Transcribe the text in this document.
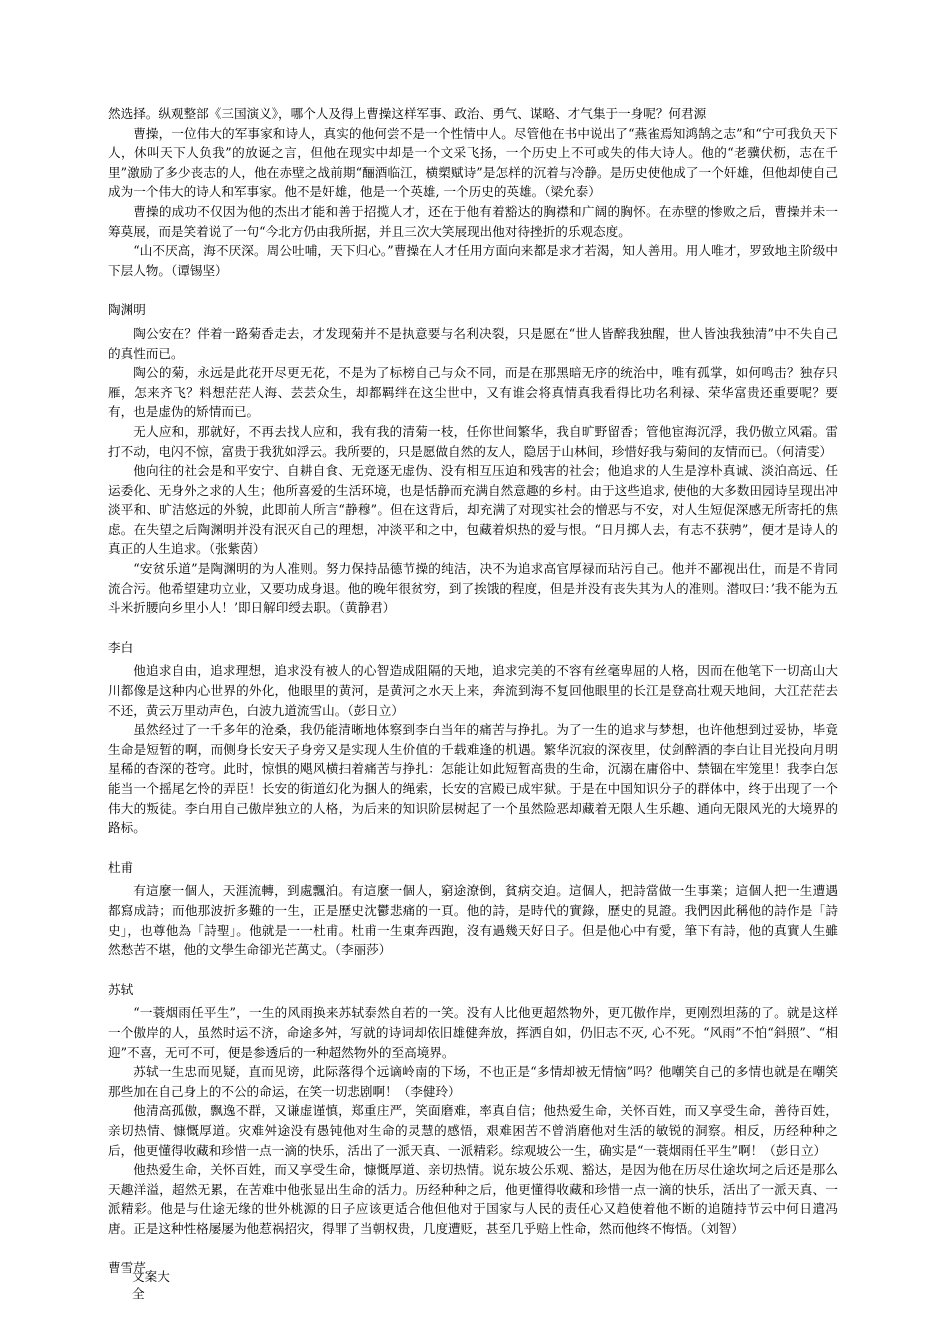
然选择。纵观整部《三国演义》，哪个人及得上曹操这样军事、政治、勇气、谋略、才气集于一身呢？何君源

曹操，一位伟大的军事家和诗人，真实的他何尝不是一个性情中人。尽管他在书中说出了“燕雀焉知鸿鹄之志”和“宁可我负天下人，休叫天下人负我”的放诞之言，但他在现实中却是一个文采飞扬，一个历史上不可或失的伟大诗人。他的“老骥伏枥，志在千里”激励了多少丧志的人，他在赤壁之战前期“酾酒临江，横槊赋诗”是怎样的沉着与冷静。是历史使他成了一个奸雄，但他却使自己成为一个伟大的诗人和军事家。他不是奸雄，他是一个英雄, 一个历史的英雄。（梁允泰）

曹操的成功不仅因为他的杰出才能和善于招揽人才，还在于他有着豁达的胸襟和广阔的胸怀。在赤壁的惨败之后，曹操并未一筹莫展，而是笑着说了一句“今北方仍由我所据，并且三次大笑展现出他对待挫折的乐观态度。

“山不厌高，海不厌深。周公吐哺，天下归心。”曹操在人才任用方面向来都是求才若渴，知人善用。用人唯才，罗致地主阶级中下层人物。（谭锡坚）

陶渊明

陶公安在？伴着一路菊香走去，才发现菊并不是执意要与名利决裂，只是愿在“世人皆醉我独醒，世人皆浊我独清”中不失自己的真性而已。

陶公的菊，永远是此花开尽更无花，不是为了标榜自己与众不同，而是在那黑暗无序的统治中，唯有孤掌，如何鸣击？独存只雁，怎来齐飞？料想茫茫人海、芸芸众生，却都羁绊在这尘世中，又有谁会将真情真我看得比功名利禄、荣华富贵还重要呢？要有，也是虚伪的矫情而已。

无人应和，那就好，不再去找人应和，我有我的清菊一枝，任你世间繁华，我自旷野留香；管他宦海沉浮，我仍傲立风霜。雷打不动，电闪不惊，富贵于我犹如浮云。我所要的，只是愿做自然的友人，隐居于山林间，珍惜好我与菊间的友情而已。（何清雯）

他向往的社会是和平安宁、自耕自食、无竞逐无虚伪、没有相互压迫和残害的社会；他追求的人生是淳朴真诚、淡泊高远、任运委化、无身外之求的人生；他所喜爱的生活环境，也是恬静而充满自然意趣的乡村。由于这些追求, 使他的大多数田园诗呈现出冲淡平和、旷洁悠远的外貌，此即前人所言“静穆”。但在这背后，却充满了对现实社会的憎恶与不安，对人生短促深感无所寄托的焦虑。在失望之后陶渊明并没有泯灭自己的理想，冲淡平和之中，包藏着炽热的爱与恨。“日月掷人去，有志不获骋”，便才是诗人的真正的人生追求。（张紫茵）

“安贫乐道”是陶渊明的为人准则。努力保持品德节操的纯洁，决不为追求高官厚禄而玷污自己。他并不鄙视出仕，而是不肯同流合污。他希望建功立业，又要功成身退。他的晚年很贫穷，到了挨饿的程度，但是并没有丧失其为人的准则。潜叹曰：’我不能为五斗米折腰向乡里小人！’即日解印绶去职。（黄静君）

李白

他追求自由，追求理想，追求没有被人的心智造成阻隔的天地，追求完美的不容有丝毫卑屈的人格，因而在他笔下一切高山大川都像是这种内心世界的外化，他眼里的黄河，是黄河之水天上来，奔流到海不复回他眼里的长江是登高壮观天地间，大江茫茫去不还，黄云万里动声色，白波九道流雪山。（彭日立）

虽然经过了一千多年的沧桑，我仍能清晰地体察到李白当年的痛苦与挣扎。为了一生的追求与梦想，也许他想到过妥协，毕竟生命是短暂的啊，而侧身长安天子身旁又是实现人生价值的千载难逢的机遇。繁华沉寂的深夜里，仗剑醉酒的李白让目光投向月明星稀的杳深的苍穹。此时，惊惧的飓风横扫着痛苦与挣扎：怎能让如此短暂高贵的生命，沉溺在庸俗中、禁锢在牢笼里！我李白怎能当一个摇尾乞怜的弄臣！长安的街道幻化为捆人的绳索，长安的宫殿已成牢狱。于是在中国知识分子的群体中，终于出现了一个伟大的叛徒。李白用自己傲岸独立的人格，为后来的知识阶层树起了一个虽然险恶却藏着无限人生乐趣、通向无限风光的大境界的路标。

杜甫

有這麼一個人，天涯流轉，到處飄泊。有這麼一個人，窮途潦倒，貧病交迫。這個人，把詩當做一生事業；這個人把一生遭遇都寫成詩；而他那波折多難的一生，正是歷史沈鬱悲痛的一頁。他的詩，是時代的實錄，歷史的見證。我們因此稱他的詩作是「詩史」，也尊他為「詩聖」。他就是一一杜甫。杜甫一生東奔西跑，沒有過幾天好日子。但是他心中有愛，筆下有詩，他的真實人生雖然愁苦不堪，他的文學生命卻光芒萬丈。（李丽莎）

苏轼

“一蓑烟雨任平生”，一生的风雨换来苏轼泰然自若的一笑。没有人比他更超然物外，更兀傲作岸，更刚烈坦荡的了。就是这样一个傲岸的人，虽然时运不济，命途多舛，写就的诗词却依旧雄健奔放，挥洒自如，仍旧志不灭, 心不死。“风雨”不怕“斜照”、“相迎”不喜，无可不可，便是参透后的一种超然物外的至高境界。

苏轼一生忠而见疑，直而见谤，此际落得个远谪岭南的下场，不也正是“多情却被无情恼”吗？他嘲笑自己的多情也就是在嘲笑那些加在自己身上的不公的命运，在笑一切悲剧啊！（李健玲）

他清高孤傲，飘逸不群，又谦虚谨慎，郑重庄严，笑面磨难，率真自信；他热爱生命，关怀百姓，而又享受生命，善待百姓，亲切热情、慷慨厚道。灾难舛途没有愚钝他对生命的灵慧的感悟，艰难困苦不曾消磨他对生活的敏锐的洞察。相反，历经种种之后，他更懂得收藏和珍惜一点一滴的快乐，活出了一派天真、一派精彩。综观坡公一生，确实是“一蓑烟雨任平生”啊！（彭日立）

他热爱生命，关怀百姓，而又享受生命，慷慨厚道、亲切热情。说东坡公乐观、豁达，是因为他在历尽仕途坎坷之后还是那么天趣洋溢，超然无累，在苦难中他张显出生命的活力。历经种种之后，他更懂得收藏和珍惜一点一滴的快乐，活出了一派天真、一派精彩。他是与仕途无缘的世外桃源的日子应该更适合他但他对于国家与人民的责任心又趋使着他不断的追随持节云中何日遣冯唐。正是这种性格屡屡为他惹祸招灾，得罪了当朝权贵，几度遭贬，甚至几乎赔上性命，然而他终不悔悟。（刘智）

曹雪芹
文案大全
